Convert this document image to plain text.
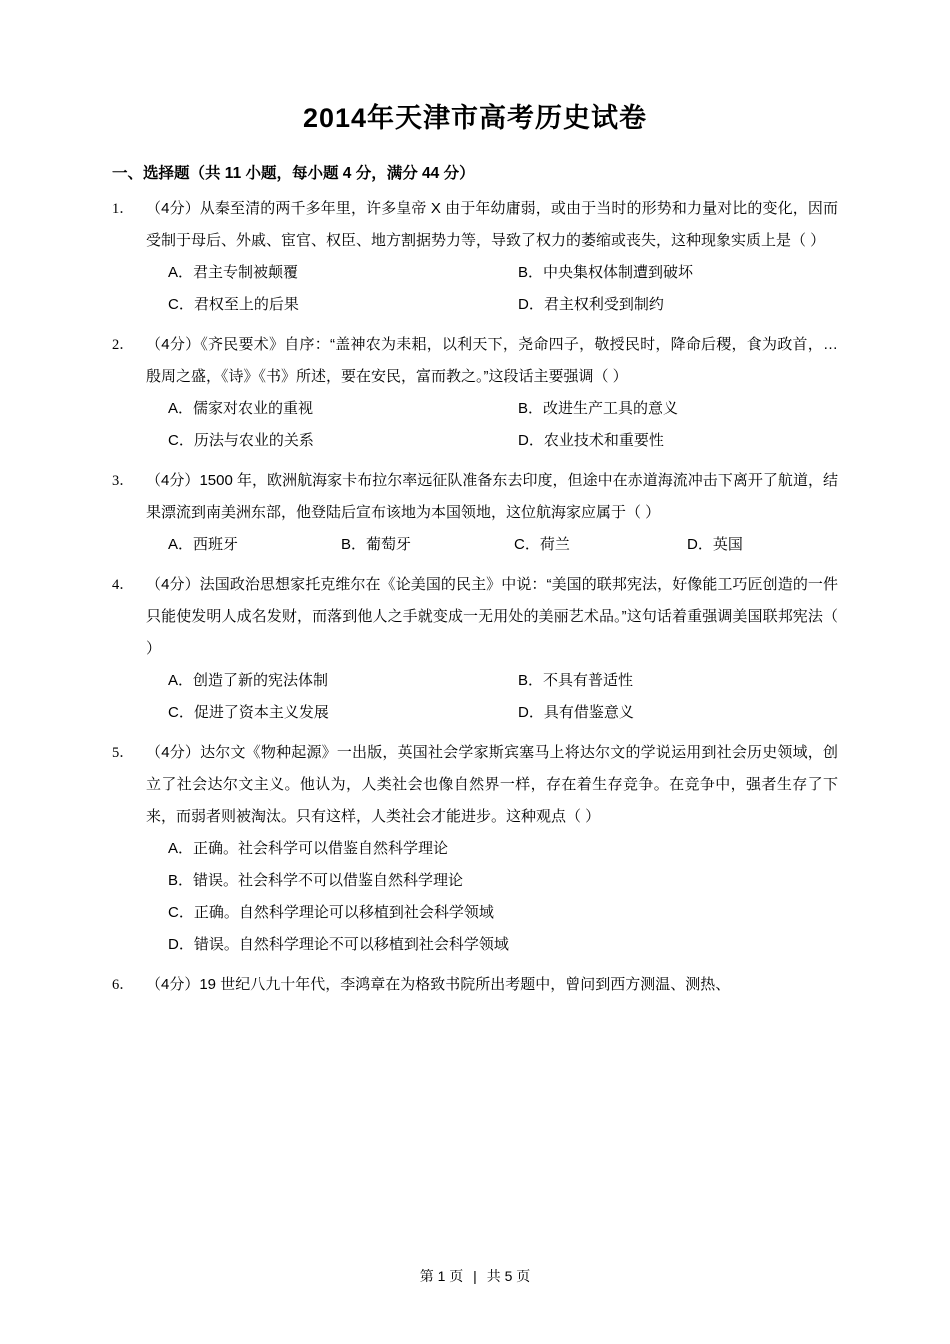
2014年天津市高考历史试卷
一、选择题（共 11 小题，每小题 4 分，满分 44 分）
1． （4分）从秦至清的两千多年里，许多皇帝 X 由于年幼庸弱，或由于当时的形势和力量对比的变化，因而受制于母后、外戚、宦官、权臣、地方割据势力等，导致了权力的萎缩或丧失，这种现象实质上是（ ）
A．君主专制被颠覆	B．中央集权体制遭到破坏
C．君权至上的后果	D．君主权利受到制约
2． （4分）《齐民要术》自序：“盖神农为耒耜，以利天下，尧命四子，敬授民时，降命后稷，食为政首，…殷周之盛，《诗》《书》所述，要在安民，富而教之。”这段话主要强调（ ）
A．儒家对农业的重视	B．改进生产工具的意义
C．历法与农业的关系	D．农业技术和重要性
3． （4分）1500 年，欧洲航海家卡布拉尔率远征队准备东去印度，但途中在赤道海流冲击下离开了航道，结果漂流到南美洲东部，他登陆后宣布该地为本国领地，这位航海家应属于（ ）
A．西班牙	B．葡萄牙	C．荷兰	D．英国
4． （4分）法国政治思想家托克维尔在《论美国的民主》中说：“美国的联邦宪法，好像能工巧匠创造的一件只能使发明人成名发财，而落到他人之手就变成一无用处的美丽艺术品。”这句话着重强调美国联邦宪法（ ）
A．创造了新的宪法体制	B．不具有普适性
C．促进了资本主义发展	D．具有借鉴意义
5． （4分）达尔文《物种起源》一出版，英国社会学家斯宾塞马上将达尔文的学说运用到社会历史领域，创立了社会达尔文主义。他认为，人类社会也像自然界一样，存在着生存竞争。在竞争中，强者生存了下来，而弱者则被淘汰。只有这样，人类社会才能进步。这种观点（ ）
A．正确。社会科学可以借鉴自然科学理论
B．错误。社会科学不可以借鉴自然科学理论
C．正确。自然科学理论可以移植到社会科学领域
D．错误。自然科学理论不可以移植到社会科学领域
6． （4分）19 世纪八九十年代，李鸿章在为格致书院所出考题中，曾问到西方测温、测热、
第 1 页 | 共 5 页
